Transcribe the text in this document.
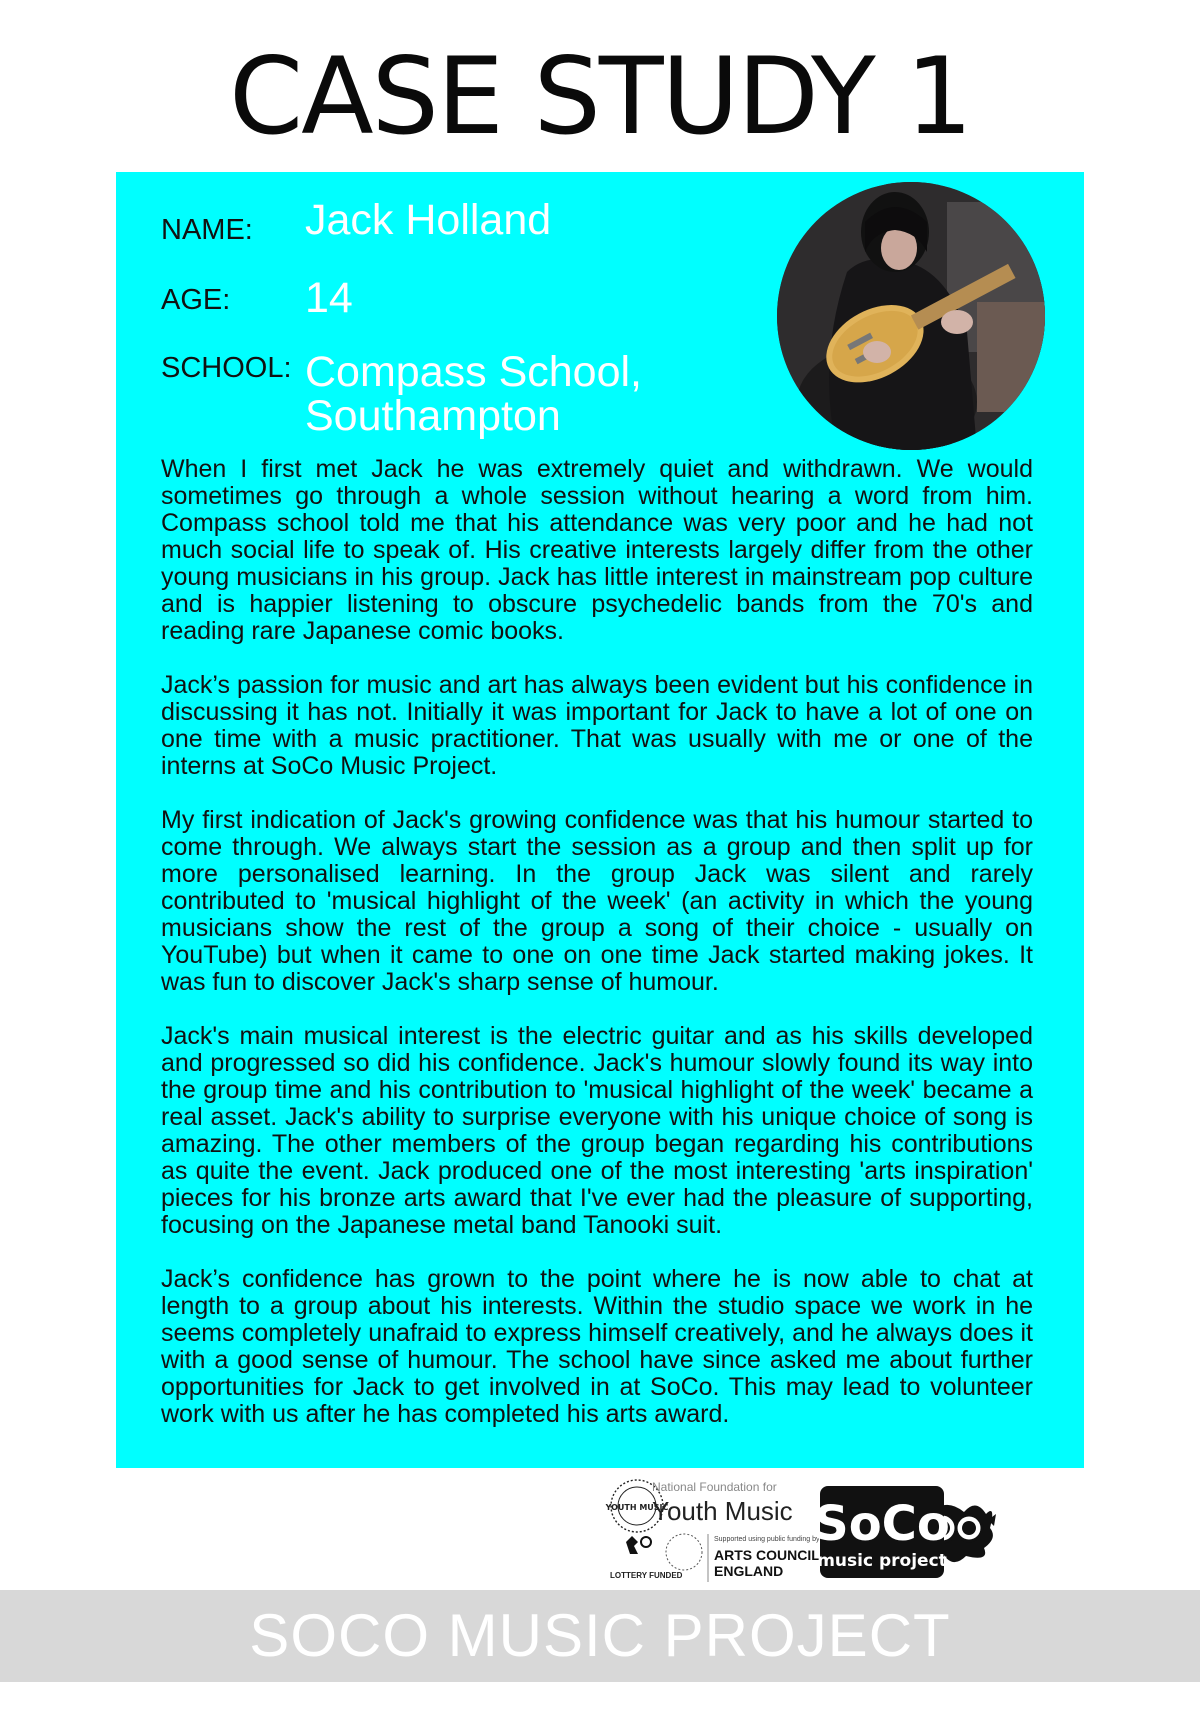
CASE STUDY 1
NAME: Jack Holland
AGE: 14
SCHOOL: Compass School,
Southampton

When I first met Jack he was extremely quiet and withdrawn. We would sometimes go through a whole session without hearing a word from him. Compass school told me that his attendance was very poor and he had not much social life to speak of. His creative interests largely differ from the other young musicians in his group. Jack has little interest in mainstream pop culture and is happier listening to obscure psychedelic bands from the 70's and reading rare Japanese comic books.

Jack’s passion for music and art has always been evident but his confidence in discussing it has not. Initially it was important for Jack to have a lot of one on one time with a music practitioner. That was usually with me or one of the interns at SoCo Music Project.

My first indication of Jack's growing confidence was that his humour started to come through. We always start the session as a group and then split up for more personalised learning. In the group Jack was silent and rarely contributed to 'musical highlight of the week' (an activity in which the young musicians show the rest of the group a song of their choice - usually on YouTube) but when it came to one on one time Jack started making jokes. It was fun to discover Jack's sharp sense of humour.

Jack's main musical interest is the electric guitar and as his skills developed and progressed so did his confidence. Jack's humour slowly found its way into the group time and his contribution to 'musical highlight of the week' became a real asset. Jack's ability to surprise everyone with his unique choice of song is amazing. The other members of the group began regarding his contributions as quite the event. Jack produced one of the most interesting 'arts inspiration' pieces for his bronze arts award that I've ever had the pleasure of supporting, focusing on the Japanese metal band Tanooki suit.

Jack’s confidence has grown to the point where he is now able to chat at length to a group about his interests. Within the studio space we work in he seems completely unafraid to express himself creatively, and he always does it with a good sense of humour. The school have since asked me about further opportunities for Jack to get involved in at SoCo. This may lead to volunteer work with us after he has completed his arts award.

YOUTH MUSIC
National Foundation for
Youth Music
LOTTERY FUNDED
Supported using public funding by
ARTS COUNCIL
ENGLAND
SoCo
music project
SOCO MUSIC PROJECT
